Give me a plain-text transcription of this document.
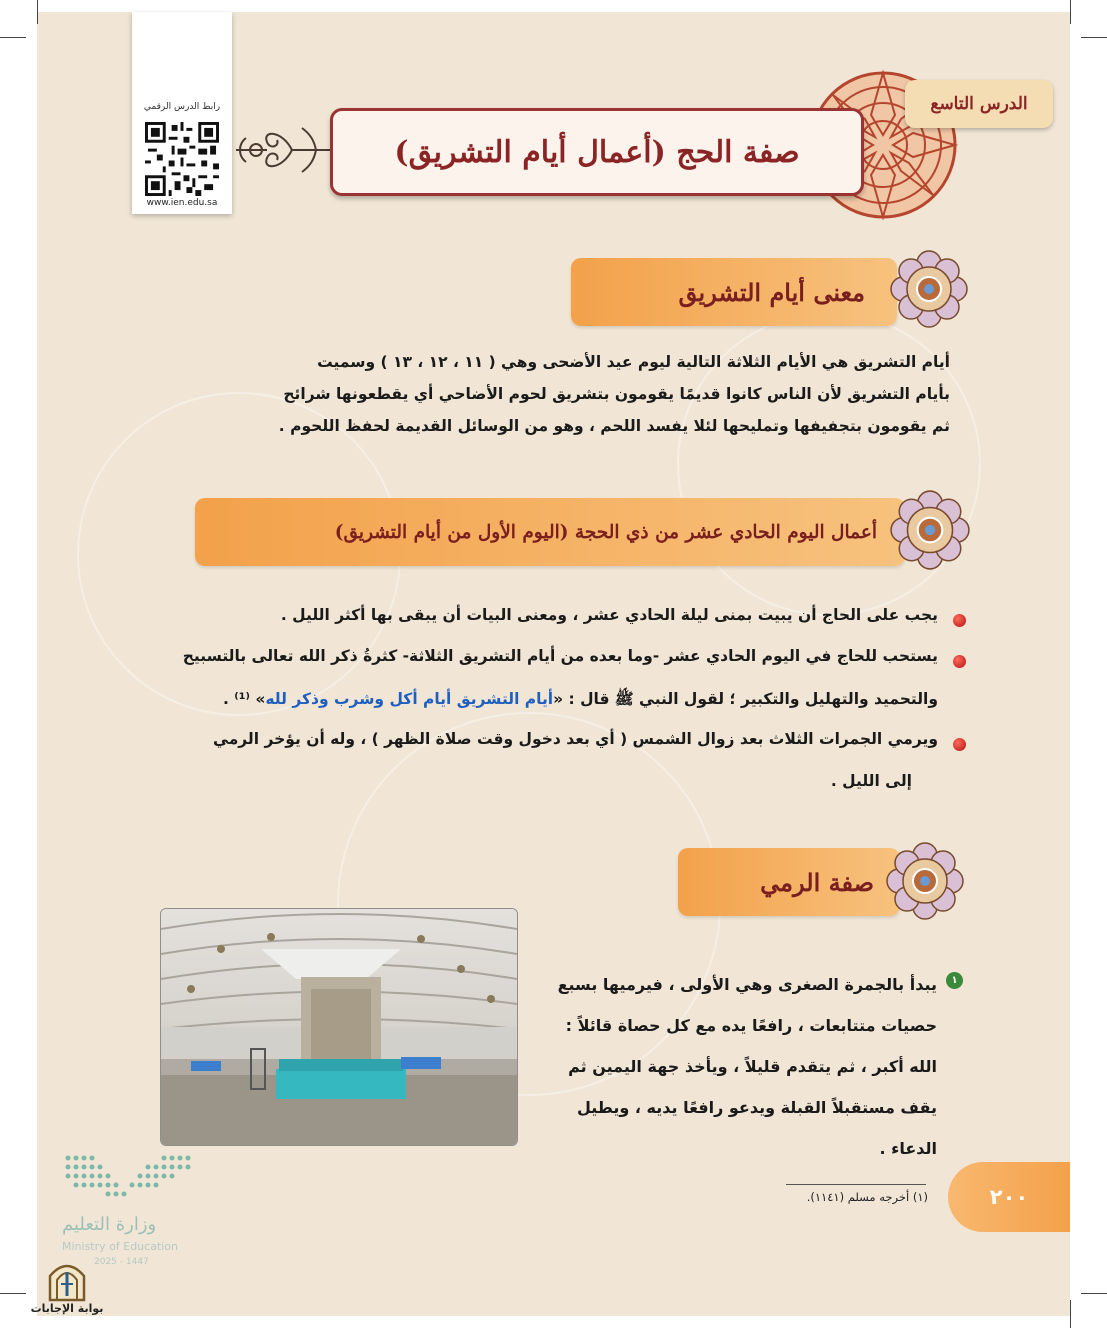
رابط الدرس الرقمي
www.ien.edu.sa
الدرس التاسع
صفة الحج (أعمال أيام التشريق)
معنى أيام التشريق
أيام التشريق هي الأيام الثلاثة التالية ليوم عيد الأضحى وهي ( ١١ ، ١٢ ، ١٣ ) وسميت
بأيام التشريق لأن الناس كانوا قديمًا يقومون بتشريق لحوم الأضاحي أي يقطعونها شرائح
ثم يقومون بتجفيفها وتمليحها لئلا يفسد اللحم ، وهو من الوسائل القديمة لحفظ اللحوم .
أعمال اليوم الحادي عشر من ذي الحجة (اليوم الأول من أيام التشريق)
يجب على الحاج أن يبيت بمنى ليلة الحادي عشر ، ومعنى البيات أن يبقى بها أكثر الليل .
يستحب للحاج في اليوم الحادي عشر -وما بعده من أيام التشريق الثلاثة- كثرةُ ذكر الله تعالى بالتسبيح
والتحميد والتهليل والتكبير ؛ لقول النبي ﷺ قال : «أيام التشريق أيام أكل وشرب وذكر لله» ⁽¹⁾ .
ويرمي الجمرات الثلاث بعد زوال الشمس ( أي بعد دخول وقت صلاة الظهر ) ، وله أن يؤخر الرمي
إلى الليل .
صفة الرمي
١
يبدأ بالجمرة الصغرى وهي الأولى ، فيرميها بسبع
حصيات متتابعات ، رافعًا يده مع كل حصاة قائلاً :
الله أكبر ، ثم يتقدم قليلاً ، ويأخذ جهة اليمين ثم
يقف مستقبلاً القبلة ويدعو رافعًا يديه ، ويطيل
الدعاء .
(١) أخرجه مسلم (١١٤١).	٢٠٠
وزارة التعليم
Ministry of Education
2025 - 1447
بوابة الإجابات
